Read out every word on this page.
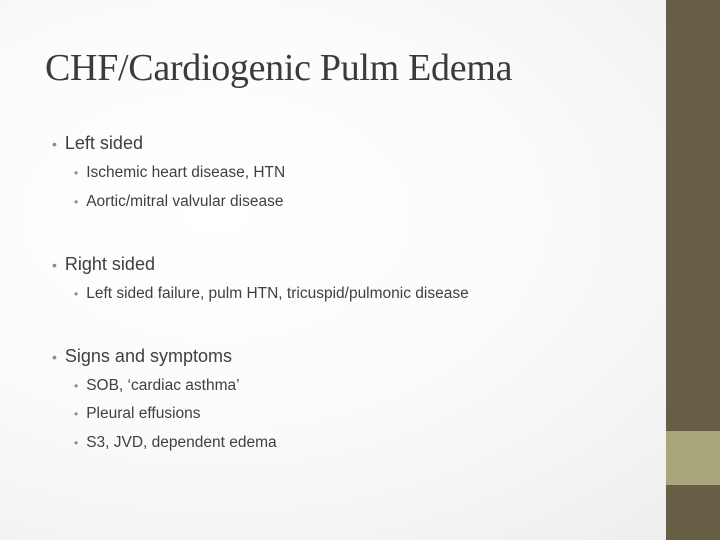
CHF/Cardiogenic Pulm Edema
• Left sided
• Ischemic heart disease, HTN
• Aortic/mitral valvular disease
• Right sided
• Left sided failure, pulm HTN, tricuspid/pulmonic disease
• Signs and symptoms
• SOB, ‘cardiac asthma’
• Pleural effusions
• S3, JVD, dependent edema
